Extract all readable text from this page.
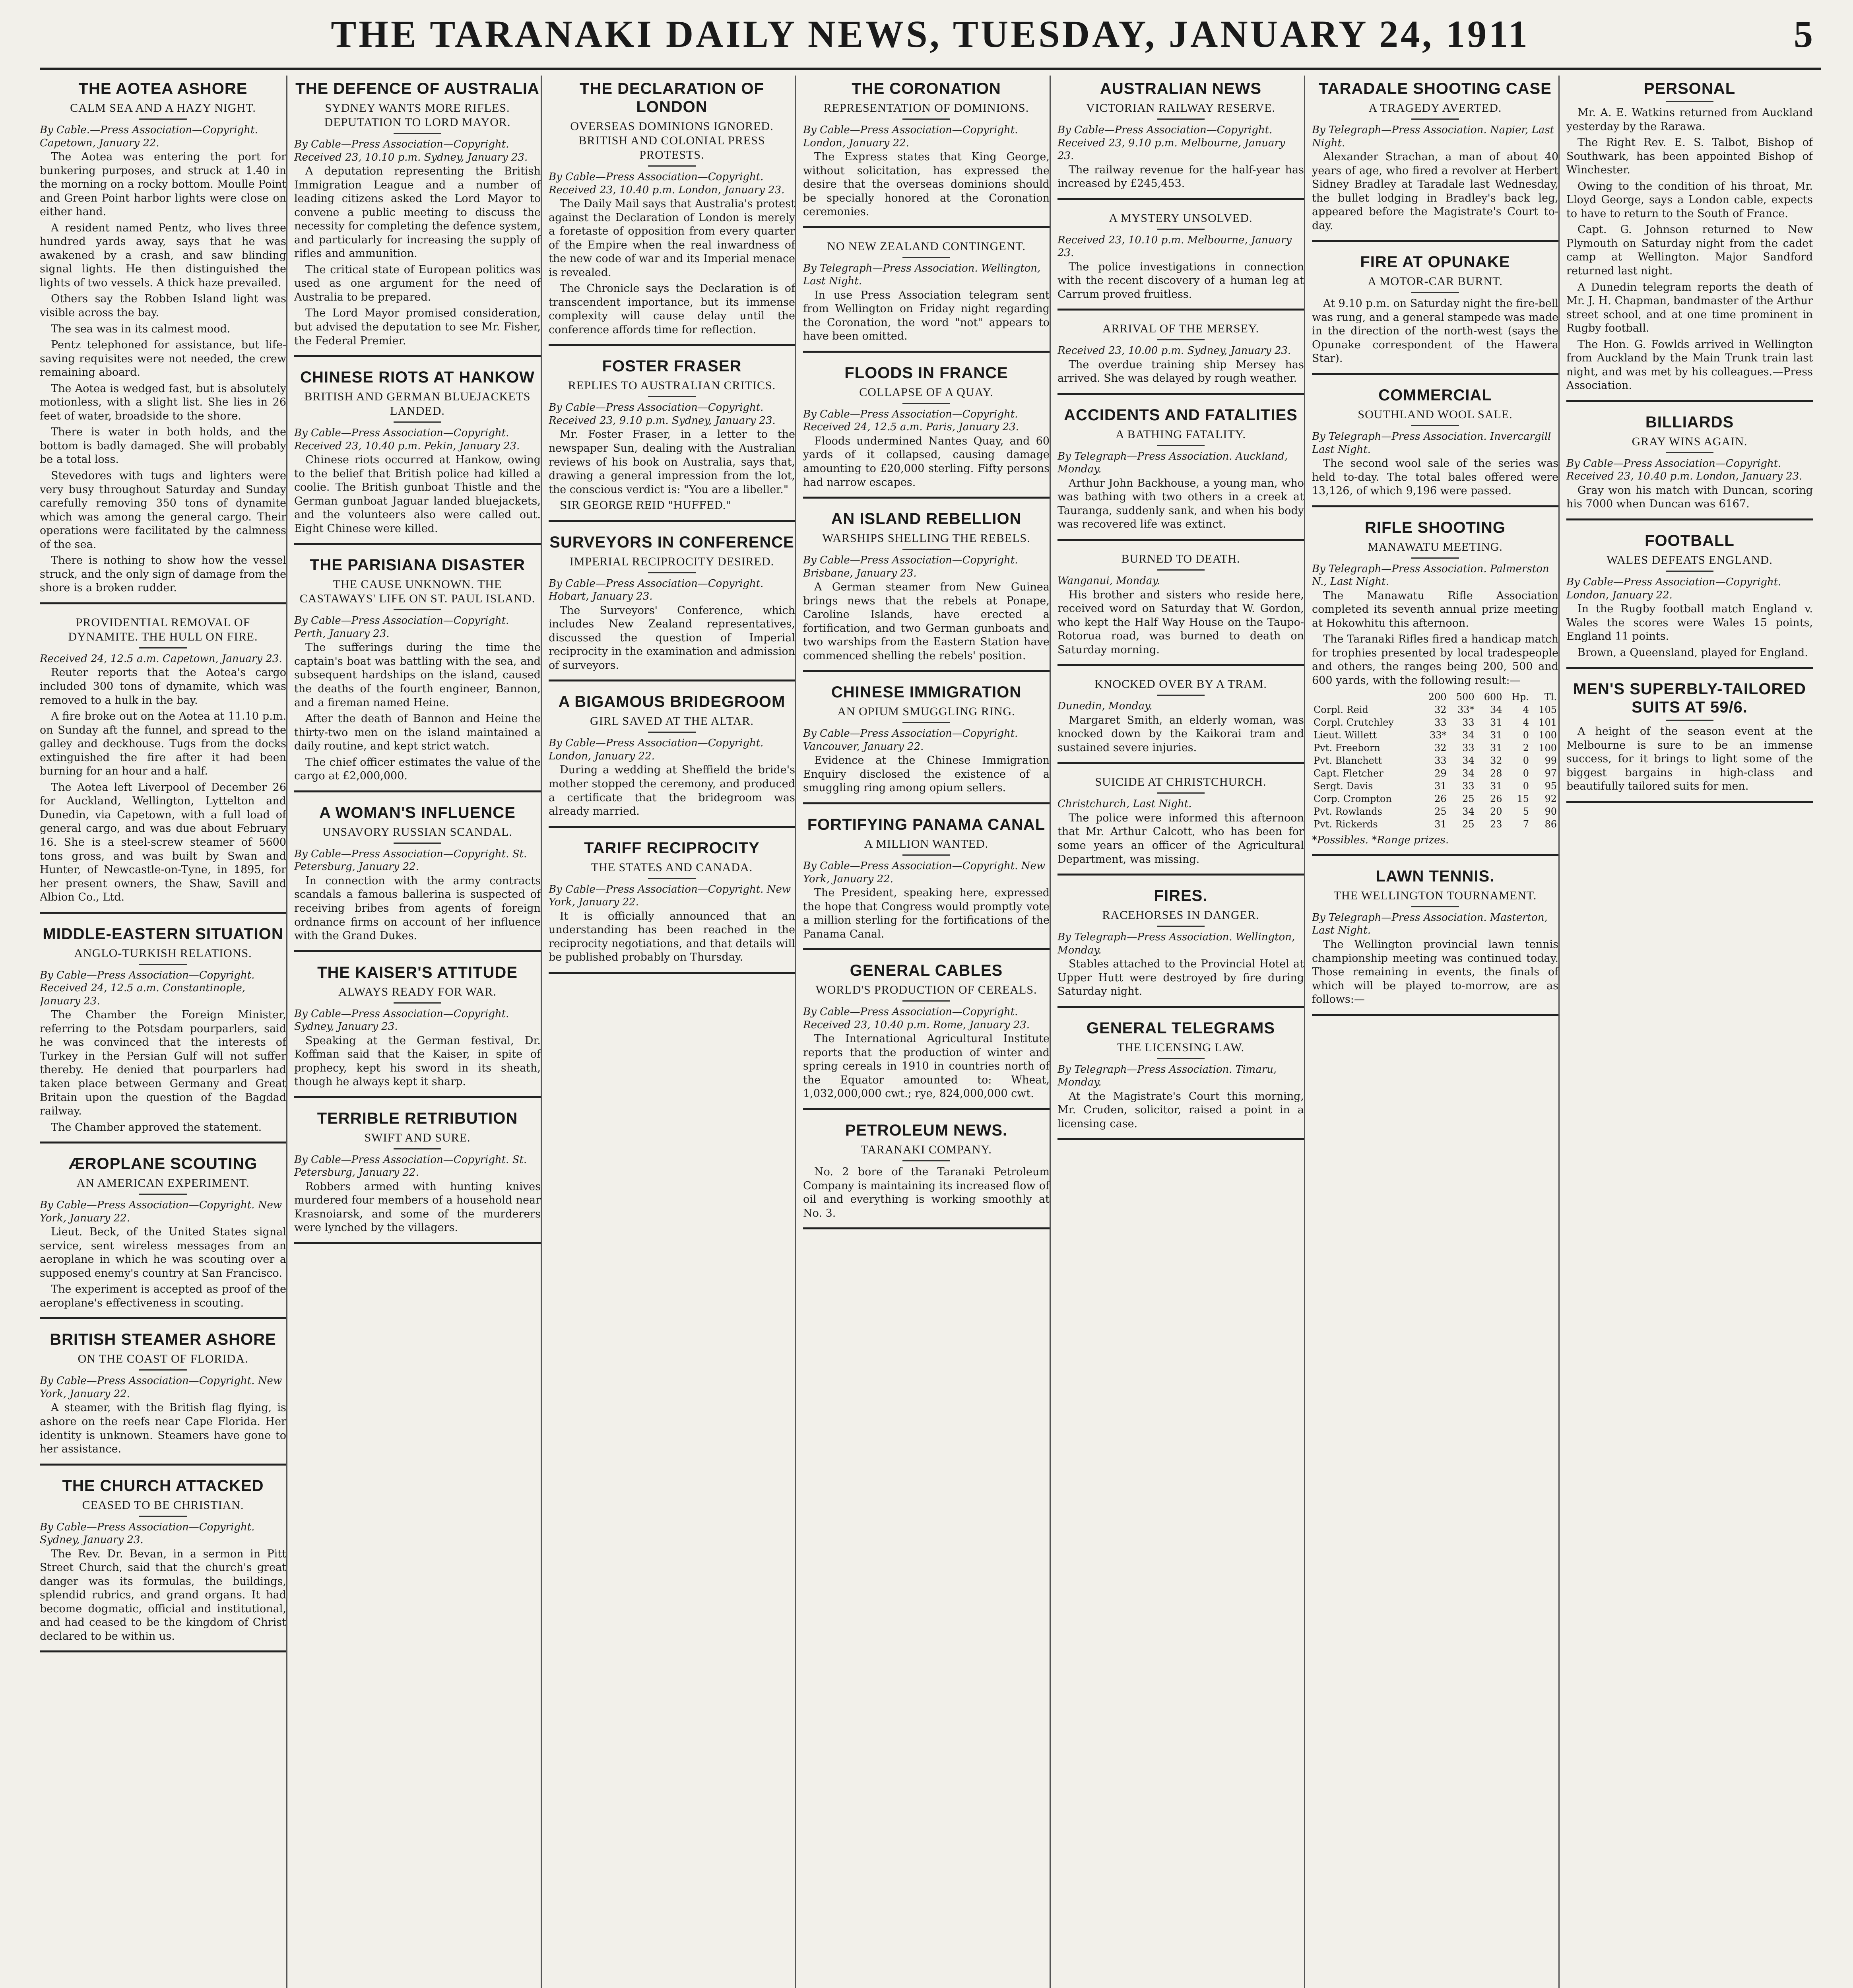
THE TARANAKI DAILY NEWS, TUESDAY, JANUARY 24, 1911	5
THE AOTEA ASHORE
CALM SEA AND A HAZY NIGHT.
By Cable.—Press Association—Copyright. Capetown, January 22.

The Aotea was entering the port for bunkering purposes, and struck at 1.40 in the morning on a rocky bottom. Moulle Point and Green Point harbor lights were close on either hand.

A resident named Pentz, who lives three hundred yards away, says that he was awakened by a crash, and saw blinding signal lights. He then distinguished the lights of two vessels. A thick haze prevailed.

Others say the Robben Island light was visible across the bay.

The sea was in its calmest mood.

Pentz telephoned for assistance, but life-saving requisites were not needed, the crew remaining aboard.

The Aotea is wedged fast, but is absolutely motionless, with a slight list. She lies in 26 feet of water, broadside to the shore.

There is water in both holds, and the bottom is badly damaged. She will probably be a total loss.

Stevedores with tugs and lighters were very busy throughout Saturday and Sunday carefully removing 350 tons of dynamite which was among the general cargo. Their operations were facilitated by the calmness of the sea.

There is nothing to show how the vessel struck, and the only sign of damage from the shore is a broken rudder.

PROVIDENTIAL REMOVAL OF DYNAMITE. THE HULL ON FIRE.
Received 24, 12.5 a.m. Capetown, January 23.

Reuter reports that the Aotea's cargo included 300 tons of dynamite, which was removed to a hulk in the bay.

A fire broke out on the Aotea at 11.10 p.m. on Sunday aft the funnel, and spread to the galley and deckhouse. Tugs from the docks extinguished the fire after it had been burning for an hour and a half.

The Aotea left Liverpool of December 26 for Auckland, Wellington, Lyttelton and Dunedin, via Capetown, with a full load of general cargo, and was due about February 16. She is a steel-screw steamer of 5600 tons gross, and was built by Swan and Hunter, of Newcastle-on-Tyne, in 1895, for her present owners, the Shaw, Savill and Albion Co., Ltd.

MIDDLE-EASTERN SITUATION
ANGLO-TURKISH RELATIONS.
By Cable—Press Association—Copyright. Received 24, 12.5 a.m. Constantinople, January 23.

The Chamber the Foreign Minister, referring to the Potsdam pourparlers, said he was convinced that the interests of Turkey in the Persian Gulf will not suffer thereby. He denied that pourparlers had taken place between Germany and Great Britain upon the question of the Bagdad railway.

The Chamber approved the statement.

ÆROPLANE SCOUTING
AN AMERICAN EXPERIMENT.
By Cable—Press Association—Copyright. New York, January 22.

Lieut. Beck, of the United States signal service, sent wireless messages from an aeroplane in which he was scouting over a supposed enemy's country at San Francisco.

The experiment is accepted as proof of the aeroplane's effectiveness in scouting.

BRITISH STEAMER ASHORE
ON THE COAST OF FLORIDA.
By Cable—Press Association—Copyright. New York, January 22.

A steamer, with the British flag flying, is ashore on the reefs near Cape Florida. Her identity is unknown. Steamers have gone to her assistance.

THE CHURCH ATTACKED
CEASED TO BE CHRISTIAN.
By Cable—Press Association—Copyright. Sydney, January 23.

The Rev. Dr. Bevan, in a sermon in Pitt Street Church, said that the church's great danger was its formulas, the buildings, splendid rubrics, and grand organs. It had become dogmatic, official and institutional, and had ceased to be the kingdom of Christ declared to be within us.

THE DEFENCE OF AUSTRALIA
SYDNEY WANTS MORE RIFLES. DEPUTATION TO LORD MAYOR.
By Cable—Press Association—Copyright. Received 23, 10.10 p.m. Sydney, January 23.

A deputation representing the British Immigration League and a number of leading citizens asked the Lord Mayor to convene a public meeting to discuss the necessity for completing the defence system, and particularly for increasing the supply of rifles and ammunition.

The critical state of European politics was used as one argument for the need of Australia to be prepared.

The Lord Mayor promised consideration, but advised the deputation to see Mr. Fisher, the Federal Premier.

CHINESE RIOTS AT HANKOW
BRITISH AND GERMAN BLUEJACKETS LANDED.
By Cable—Press Association—Copyright. Received 23, 10.40 p.m. Pekin, January 23.

Chinese riots occurred at Hankow, owing to the belief that British police had killed a coolie. The British gunboat Thistle and the German gunboat Jaguar landed bluejackets, and the volunteers also were called out. Eight Chinese were killed.

THE PARISIANA DISASTER
THE CAUSE UNKNOWN. THE CASTAWAYS' LIFE ON ST. PAUL ISLAND.
By Cable—Press Association—Copyright. Perth, January 23.

The sufferings during the time the captain's boat was battling with the sea, and subsequent hardships on the island, caused the deaths of the fourth engineer, Bannon, and a fireman named Heine.

After the death of Bannon and Heine the thirty-two men on the island maintained a daily routine, and kept strict watch.

The chief officer estimates the value of the cargo at £2,000,000.

A WOMAN'S INFLUENCE
UNSAVORY RUSSIAN SCANDAL.
By Cable—Press Association—Copyright. St. Petersburg, January 22.

In connection with the army contracts scandals a famous ballerina is suspected of receiving bribes from agents of foreign ordnance firms on account of her influence with the Grand Dukes.

THE KAISER'S ATTITUDE
ALWAYS READY FOR WAR.
By Cable—Press Association—Copyright. Sydney, January 23.

Speaking at the German festival, Dr. Koffman said that the Kaiser, in spite of prophecy, kept his sword in its sheath, though he always kept it sharp.

TERRIBLE RETRIBUTION
SWIFT AND SURE.
By Cable—Press Association—Copyright. St. Petersburg, January 22.

Robbers armed with hunting knives murdered four members of a household near Krasnoiarsk, and some of the murderers were lynched by the villagers.

THE DECLARATION OF LONDON
OVERSEAS DOMINIONS IGNORED. BRITISH AND COLONIAL PRESS PROTESTS.
By Cable—Press Association—Copyright. Received 23, 10.40 p.m. London, January 23.

The Daily Mail says that Australia's protest against the Declaration of London is merely a foretaste of opposition from every quarter of the Empire when the real inwardness of the new code of war and its Imperial menace is revealed.

The Chronicle says the Declaration is of transcendent importance, but its immense complexity will cause delay until the conference affords time for reflection.

FOSTER FRASER
REPLIES TO AUSTRALIAN CRITICS.
By Cable—Press Association—Copyright. Received 23, 9.10 p.m. Sydney, January 23.

Mr. Foster Fraser, in a letter to the newspaper Sun, dealing with the Australian reviews of his book on Australia, says that, drawing a general impression from the lot, the conscious verdict is: "You are a libeller."

SIR GEORGE REID "HUFFED."

SURVEYORS IN CONFERENCE
IMPERIAL RECIPROCITY DESIRED.
By Cable—Press Association—Copyright. Hobart, January 23.

The Surveyors' Conference, which includes New Zealand representatives, discussed the question of Imperial reciprocity in the examination and admission of surveyors.

A BIGAMOUS BRIDEGROOM
GIRL SAVED AT THE ALTAR.
By Cable—Press Association—Copyright. London, January 22.

During a wedding at Sheffield the bride's mother stopped the ceremony, and produced a certificate that the bridegroom was already married.

TARIFF RECIPROCITY
THE STATES AND CANADA.
By Cable—Press Association—Copyright. New York, January 22.

It is officially announced that an understanding has been reached in the reciprocity negotiations, and that details will be published probably on Thursday.

THE CORONATION
REPRESENTATION OF DOMINIONS.
By Cable—Press Association—Copyright. London, January 22.

The Express states that King George, without solicitation, has expressed the desire that the overseas dominions should be specially honored at the Coronation ceremonies.

NO NEW ZEALAND CONTINGENT.
By Telegraph—Press Association. Wellington, Last Night.

In use Press Association telegram sent from Wellington on Friday night regarding the Coronation, the word "not" appears to have been omitted.

FLOODS IN FRANCE
COLLAPSE OF A QUAY.
By Cable—Press Association—Copyright. Received 24, 12.5 a.m. Paris, January 23.

Floods undermined Nantes Quay, and 60 yards of it collapsed, causing damage amounting to £20,000 sterling. Fifty persons had narrow escapes.

AN ISLAND REBELLION
WARSHIPS SHELLING THE REBELS.
By Cable—Press Association—Copyright. Brisbane, January 23.

A German steamer from New Guinea brings news that the rebels at Ponape, Caroline Islands, have erected a fortification, and two German gunboats and two warships from the Eastern Station have commenced shelling the rebels' position.

CHINESE IMMIGRATION
AN OPIUM SMUGGLING RING.
By Cable—Press Association—Copyright. Vancouver, January 22.

Evidence at the Chinese Immigration Enquiry disclosed the existence of a smuggling ring among opium sellers.

FORTIFYING PANAMA CANAL
A MILLION WANTED.
By Cable—Press Association—Copyright. New York, January 22.

The President, speaking here, expressed the hope that Congress would promptly vote a million sterling for the fortifications of the Panama Canal.

GENERAL CABLES
WORLD'S PRODUCTION OF CEREALS.
By Cable—Press Association—Copyright. Received 23, 10.40 p.m. Rome, January 23.

The International Agricultural Institute reports that the production of winter and spring cereals in 1910 in countries north of the Equator amounted to: Wheat, 1,032,000,000 cwt.; rye, 824,000,000 cwt.

PETROLEUM NEWS.
TARANAKI COMPANY.

No. 2 bore of the Taranaki Petroleum Company is maintaining its increased flow of oil and everything is working smoothly at No. 3.

AUSTRALIAN NEWS
VICTORIAN RAILWAY RESERVE.
By Cable—Press Association—Copyright. Received 23, 9.10 p.m. Melbourne, January 23.

The railway revenue for the half-year has increased by £245,453.

A MYSTERY UNSOLVED.
Received 23, 10.10 p.m. Melbourne, January 23.

The police investigations in connection with the recent discovery of a human leg at Carrum proved fruitless.

ARRIVAL OF THE MERSEY.
Received 23, 10.00 p.m. Sydney, January 23.

The overdue training ship Mersey has arrived. She was delayed by rough weather.

ACCIDENTS AND FATALITIES
A BATHING FATALITY.
By Telegraph—Press Association. Auckland, Monday.

Arthur John Backhouse, a young man, who was bathing with two others in a creek at Tauranga, suddenly sank, and when his body was recovered life was extinct.

BURNED TO DEATH.
Wanganui, Monday.

His brother and sisters who reside here, received word on Saturday that W. Gordon, who kept the Half Way House on the Taupo-Rotorua road, was burned to death on Saturday morning.

KNOCKED OVER BY A TRAM.
Dunedin, Monday.

Margaret Smith, an elderly woman, was knocked down by the Kaikorai tram and sustained severe injuries.

SUICIDE AT CHRISTCHURCH.
Christchurch, Last Night.

The police were informed this afternoon that Mr. Arthur Calcott, who has been for some years an officer of the Agricultural Department, was missing.

FIRES.
RACEHORSES IN DANGER.
By Telegraph—Press Association. Wellington, Monday.

Stables attached to the Provincial Hotel at Upper Hutt were destroyed by fire during Saturday night.

GENERAL TELEGRAMS
THE LICENSING LAW.
By Telegraph—Press Association. Timaru, Monday.

At the Magistrate's Court this morning, Mr. Cruden, solicitor, raised a point in a licensing case.

TARADALE SHOOTING CASE
A TRAGEDY AVERTED.
By Telegraph—Press Association. Napier, Last Night.

Alexander Strachan, a man of about 40 years of age, who fired a revolver at Herbert Sidney Bradley at Taradale last Wednesday, the bullet lodging in Bradley's back leg, appeared before the Magistrate's Court to-day.

FIRE AT OPUNAKE
A MOTOR-CAR BURNT.

At 9.10 p.m. on Saturday night the fire-bell was rung, and a general stampede was made in the direction of the north-west (says the Opunake correspondent of the Hawera Star).

COMMERCIAL
SOUTHLAND WOOL SALE.
By Telegraph—Press Association. Invercargill Last Night.

The second wool sale of the series was held to-day. The total bales offered were 13,126, of which 9,196 were passed.

RIFLE SHOOTING
MANAWATU MEETING.
By Telegraph—Press Association. Palmerston N., Last Night.

The Manawatu Rifle Association completed its seventh annual prize meeting at Hokowhitu this afternoon.

The Taranaki Rifles fired a handicap match for trophies presented by local tradespeople and others, the ranges being 200, 500 and 600 yards, with the following result:—

	200	500	600	Hp.	Tl.
Corpl. Reid	32	33*	34	4	105
Corpl. Crutchley	33	33	31	4	101
Lieut. Willett	33*	34	31	0	100
Pvt. Freeborn	32	33	31	2	100
Pvt. Blanchett	33	34	32	0	99
Capt. Fletcher	29	34	28	0	97
Sergt. Davis	31	33	31	0	95
Corp. Crompton	26	25	26	15	92
Pvt. Rowlands	25	34	20	5	90
Pvt. Rickerds	31	25	23	7	86
*Possibles. *Range prizes.
LAWN TENNIS.
THE WELLINGTON TOURNAMENT.
By Telegraph—Press Association. Masterton, Last Night.

The Wellington provincial lawn tennis championship meeting was continued today. Those remaining in events, the finals of which will be played to-morrow, are as follows:—

PERSONAL

Mr. A. E. Watkins returned from Auckland yesterday by the Rarawa.

The Right Rev. E. S. Talbot, Bishop of Southwark, has been appointed Bishop of Winchester.

Owing to the condition of his throat, Mr. Lloyd George, says a London cable, expects to have to return to the South of France.

Capt. G. Johnson returned to New Plymouth on Saturday night from the cadet camp at Wellington. Major Sandford returned last night.

A Dunedin telegram reports the death of Mr. J. H. Chapman, bandmaster of the Arthur street school, and at one time prominent in Rugby football.

The Hon. G. Fowlds arrived in Wellington from Auckland by the Main Trunk train last night, and was met by his colleagues.—Press Association.

BILLIARDS
GRAY WINS AGAIN.
By Cable—Press Association—Copyright. Received 23, 10.40 p.m. London, January 23.

Gray won his match with Duncan, scoring his 7000 when Duncan was 6167.

FOOTBALL
WALES DEFEATS ENGLAND.
By Cable—Press Association—Copyright. London, January 22.

In the Rugby football match England v. Wales the scores were Wales 15 points, England 11 points.

Brown, a Queensland, played for England.

MEN'S SUPERBLY-TAILORED SUITS AT 59/6.

A height of the season event at the Melbourne is sure to be an immense success, for it brings to light some of the biggest bargains in high-class and beautifully tailored suits for men.
